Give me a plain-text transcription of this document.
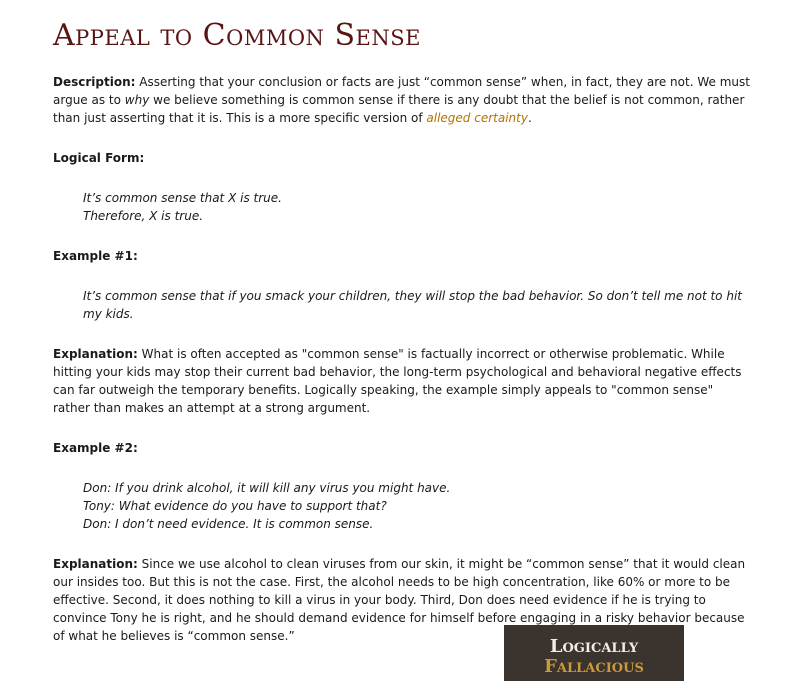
Appeal to Common Sense

Description: Asserting that your conclusion or facts are just “common sense” when, in fact, they are not. We must argue as to why we believe something is common sense if there is any doubt that the belief is not common, rather than just asserting that it is. This is a more specific version of alleged certainty.

Logical Form:

It’s common sense that X is true.
Therefore, X is true.

Example #1:

It’s common sense that if you smack your children, they will stop the bad behavior. So don’t tell me not to hit my kids.

Explanation: What is often accepted as "common sense" is factually incorrect or otherwise problematic. While hitting your kids may stop their current bad behavior, the long-term psychological and behavioral negative effects can far outweigh the temporary benefits. Logically speaking, the example simply appeals to "common sense" rather than makes an attempt at a strong argument.

Example #2:

Don: If you drink alcohol, it will kill any virus you might have.
Tony: What evidence do you have to support that?
Don: I don’t need evidence. It is common sense.

Explanation: Since we use alcohol to clean viruses from our skin, it might be “common sense” that it would clean our insides too. But this is not the case. First, the alcohol needs to be high concentration, like 60% or more to be effective. Second, it does nothing to kill a virus in your body. Third, Don does need evidence if he is trying to convince Tony he is right, and he should demand evidence for himself before engaging in a risky behavior because of what he believes is “common sense.”	Logically
Fallacious
